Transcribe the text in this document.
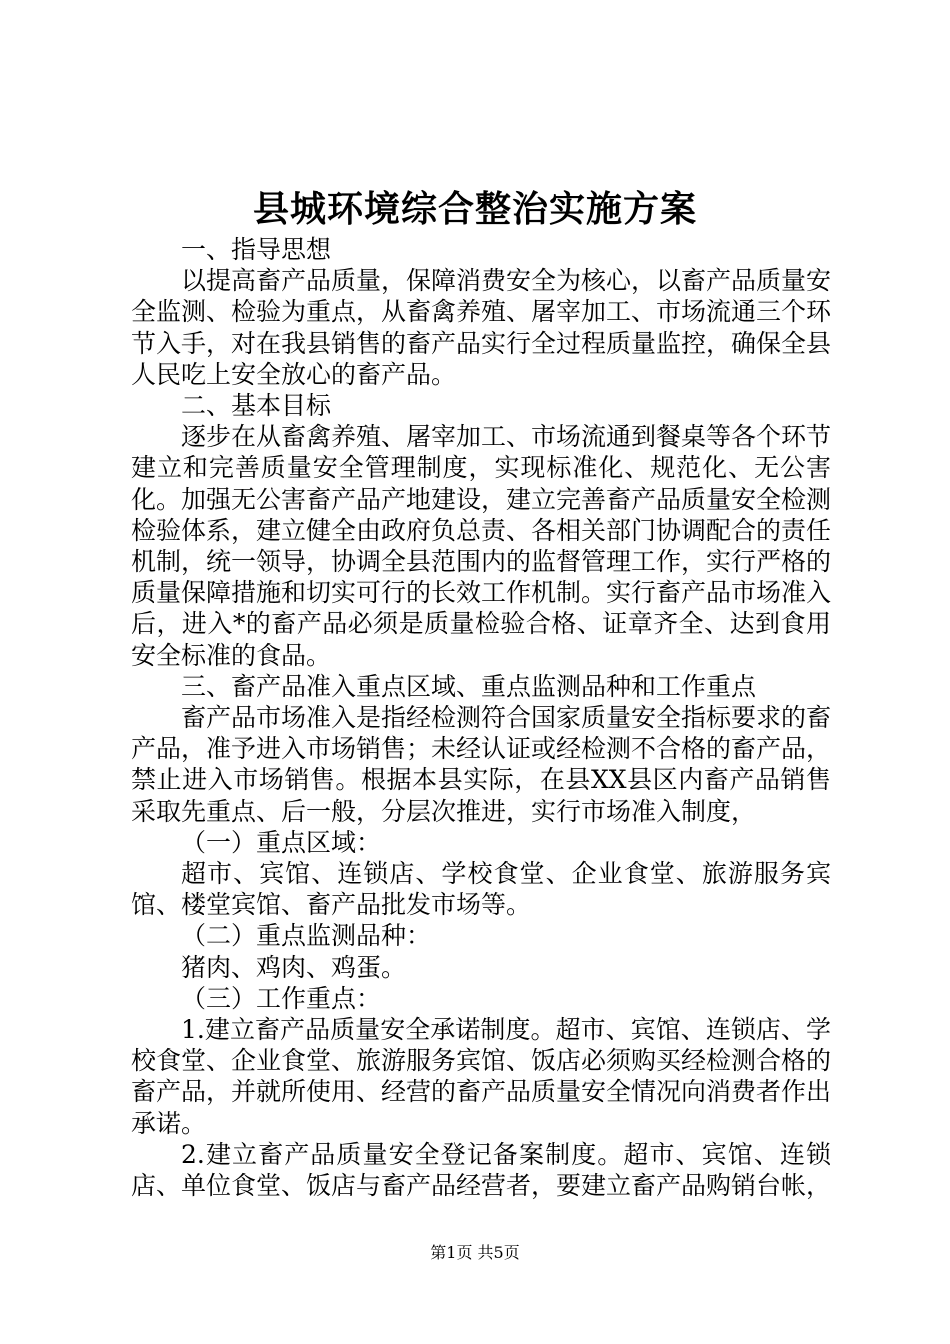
县城环境综合整治实施方案

一、指导思想

以提高畜产品质量，保障消费安全为核心，以畜产品质量安全监测、检验为重点，从畜禽养殖、屠宰加工、市场流通三个环节入手，对在我县销售的畜产品实行全过程质量监控，确保全县人民吃上安全放心的畜产品。

二、基本目标

逐步在从畜禽养殖、屠宰加工、市场流通到餐桌等各个环节建立和完善质量安全管理制度，实现标准化、规范化、无公害化。加强无公害畜产品产地建设，建立完善畜产品质量安全检测检验体系，建立健全由政府负总责、各相关部门协调配合的责任机制，统一领导，协调全县范围内的监督管理工作，实行严格的质量保障措施和切实可行的长效工作机制。实行畜产品市场准入后，进入*的畜产品必须是质量检验合格、证章齐全、达到食用安全标准的食品。

三、畜产品准入重点区域、重点监测品种和工作重点

畜产品市场准入是指经检测符合国家质量安全指标要求的畜产品，准予进入市场销售；未经认证或经检测不合格的畜产品，禁止进入市场销售。根据本县实际，在县XX县区内畜产品销售采取先重点、后一般，分层次推进，实行市场准入制度，

（一）重点区域：

超市、宾馆、连锁店、学校食堂、企业食堂、旅游服务宾馆、楼堂宾馆、畜产品批发市场等。

（二）重点监测品种：

猪肉、鸡肉、鸡蛋。

（三）工作重点：

1.建立畜产品质量安全承诺制度。超市、宾馆、连锁店、学校食堂、企业食堂、旅游服务宾馆、饭店必须购买经检测合格的畜产品，并就所使用、经营的畜产品质量安全情况向消费者作出承诺。

2.建立畜产品质量安全登记备案制度。超市、宾馆、连锁店、单位食堂、饭店与畜产品经营者，要建立畜产品购销台帐，

第1页 共5页
